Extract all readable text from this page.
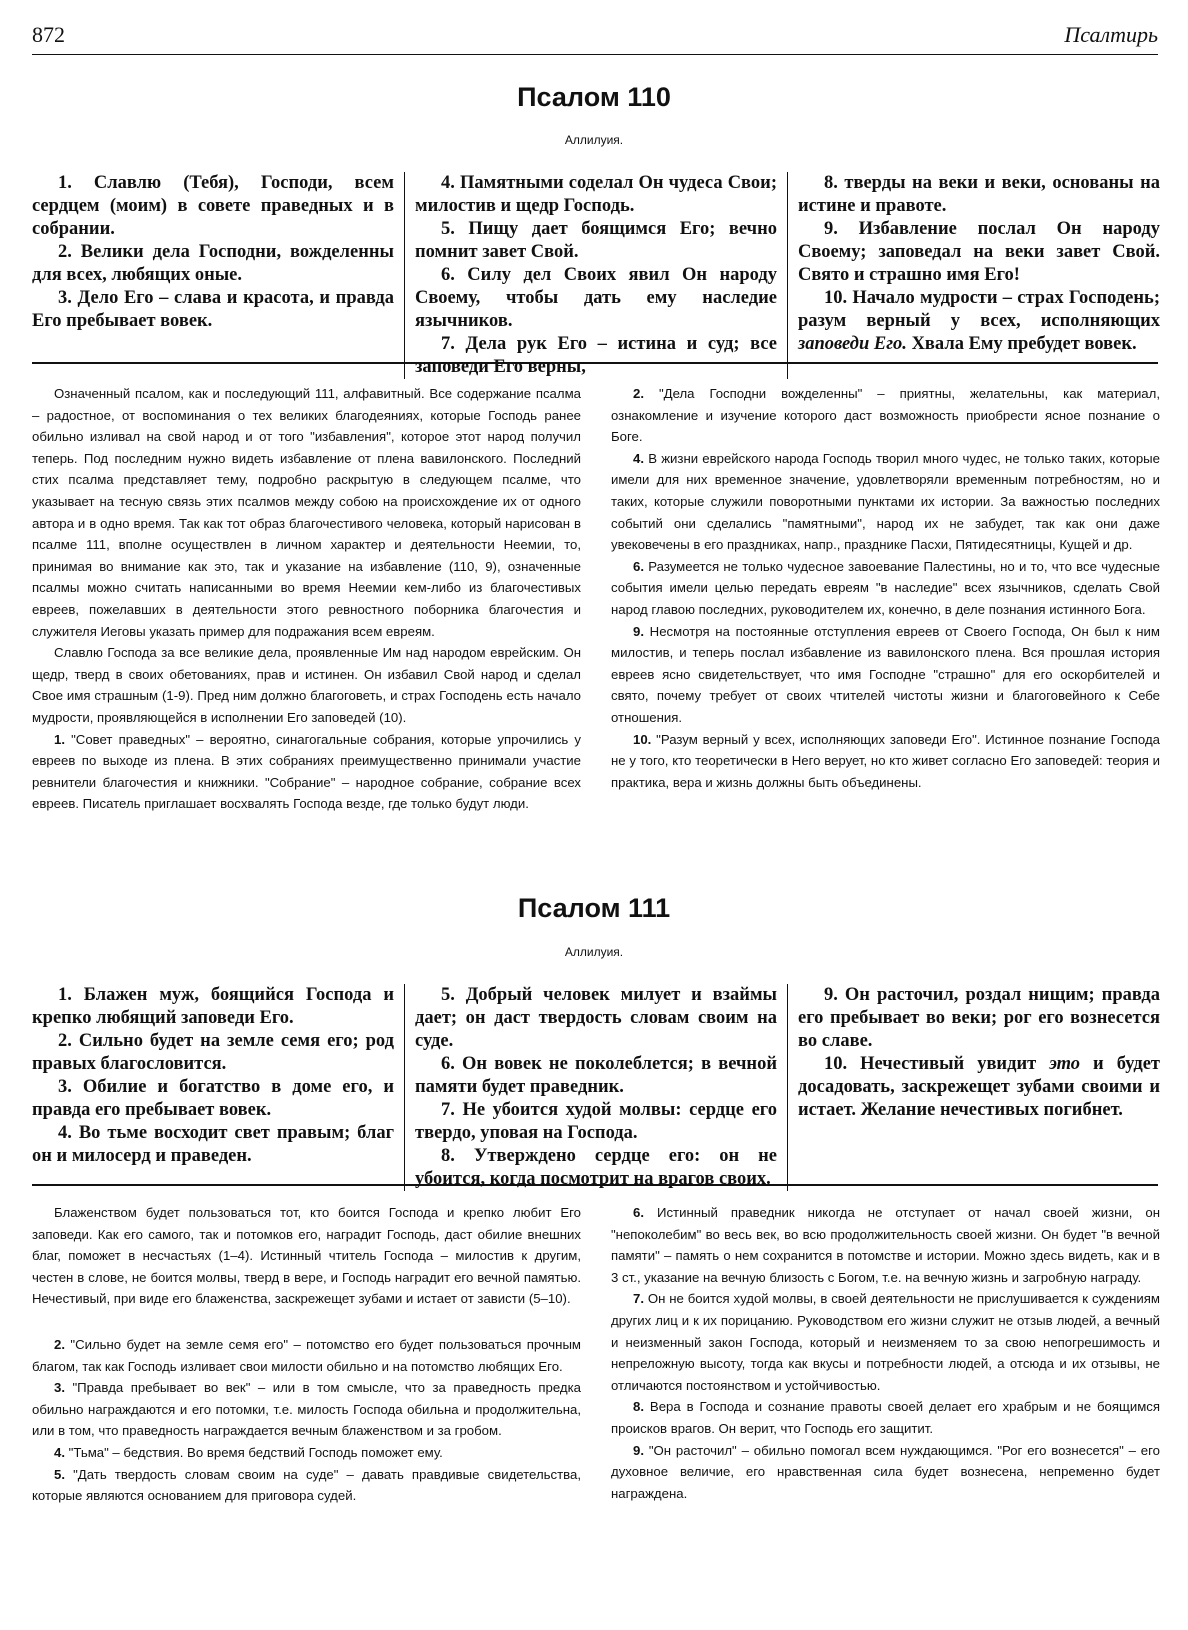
872	Псалтирь
Псалом 110
Аллилуия.

1. Славлю (Тебя), Господи, всем сердцем (моим) в совете праведных и в собрании.

2. Велики дела Господни, вожделенны для всех, любящих оные.

3. Дело Его – слава и красота, и правда Его пребывает вовек.

4. Памятными соделал Он чудеса Свои; милостив и щедр Господь.

5. Пищу дает боящимся Его; вечно помнит завет Свой.

6. Силу дел Своих явил Он народу Своему, чтобы дать ему наследие язычников.

7. Дела рук Его – истина и суд; все заповеди Его верны,

8. тверды на веки и веки, основаны на истине и правоте.

9. Избавление послал Он народу Своему; заповедал на веки завет Свой. Свято и страшно имя Его!

10. Начало мудрости – страх Господень; разум верный у всех, исполняющих заповеди Его. Хвала Ему пребудет вовек.

Означенный псалом, как и последующий 111, алфавитный. Все содержание псалма – радостное, от воспоминания о тех великих благодеяниях, которые Господь ранее обильно изливал на свой народ и от того "избавления", которое этот народ получил теперь. Под последним нужно видеть избавление от плена вавилонского. Последний стих псалма представляет тему, подробно раскрытую в следующем псалме, что указывает на тесную связь этих псалмов между собою на происхождение их от одного автора и в одно время. Так как тот образ благочестивого человека, который нарисован в псалме 111, вполне осуществлен в личном характер и деятельности Неемии, то, принимая во внимание как это, так и указание на избавление (110, 9), означенные псалмы можно считать написанными во время Неемии кем-либо из благочестивых евреев, пожелавших в деятельности этого ревностного поборника благочестия и служителя Иеговы указать пример для подражания всем евреям.

Славлю Господа за все великие дела, проявленные Им над народом еврейским. Он щедр, тверд в своих обетованиях, прав и истинен. Он избавил Свой народ и сделал Свое имя страшным (1-9). Пред ним должно благоговеть, и страх Господень есть начало мудрости, проявляющейся в исполнении Его заповедей (10).

1. "Совет праведных" – вероятно, синагогальные собрания, которые упрочились у евреев по выходе из плена. В этих собраниях преимущественно принимали участие ревнители благочестия и книжники. "Собрание" – народное собрание, собрание всех евреев. Писатель приглашает восхвалять Господа везде, где только будут люди.

2. "Дела Господни вожделенны" – приятны, желательны, как материал, ознакомление и изучение которого даст возможность приобрести ясное познание о Боге.

4. В жизни еврейского народа Господь творил много чудес, не только таких, которые имели для них временное значение, удовлетворяли временным потребностям, но и таких, которые служили поворотными пунктами их истории. За важностью последних событий они сделались "памятными", народ их не забудет, так как они даже увековечены в его праздниках, напр., празднике Пасхи, Пятидесятницы, Кущей и др.

6. Разумеется не только чудесное завоевание Палестины, но и то, что все чудесные события имели целью передать евреям "в наследие" всех язычников, сделать Свой народ главою последних, руководителем их, конечно, в деле познания истинного Бога.

9. Несмотря на постоянные отступления евреев от Своего Господа, Он был к ним милостив, и теперь послал избавление из вавилонского плена. Вся прошлая история евреев ясно свидетельствует, что имя Господне "страшно" для его оскорбителей и свято, почему требует от своих чтителей чистоты жизни и благоговейного к Себе отношения.

10. "Разум верный у всех, исполняющих заповеди Его". Истинное познание Господа не у того, кто теоретически в Него верует, но кто живет согласно Его заповедей: теория и практика, вера и жизнь должны быть объединены.

Псалом 111
Аллилуия.

1. Блажен муж, боящийся Господа и крепко любящий заповеди Его.

2. Сильно будет на земле семя его; род правых благословится.

3. Обилие и богатство в доме его, и правда его пребывает вовек.

4. Во тьме восходит свет правым; благ он и милосерд и праведен.

5. Добрый человек милует и взаймы дает; он даст твердость словам своим на суде.

6. Он вовек не поколеблется; в вечной памяти будет праведник.

7. Не убоится худой молвы: сердце его твердо, уповая на Господа.

8. Утверждено сердце его: он не убоится, когда посмотрит на врагов своих.

9. Он расточил, роздал нищим; правда его пребывает во веки; рог его вознесется во славе.

10. Нечестивый увидит это и будет досадовать, заскрежещет зубами своими и истает. Желание нечестивых погибнет.

Блаженством будет пользоваться тот, кто боится Господа и крепко любит Его заповеди. Как его самого, так и потомков его, наградит Господь, даст обилие внешних благ, поможет в несчастьях (1–4). Истинный чтитель Господа – милостив к другим, честен в слове, не боится молвы, тверд в вере, и Господь наградит его вечной памятью. Нечестивый, при виде его блаженства, заскрежещет зубами и истает от зависти (5–10).

2. "Сильно будет на земле семя его" – потомство его будет пользоваться прочным благом, так как Господь изливает свои милости обильно и на потомство любящих Его.

3. "Правда пребывает во век" – или в том смысле, что за праведность предка обильно награждаются и его потомки, т.е. милость Господа обильна и продолжительна, или в том, что праведность награждается вечным блаженством и за гробом.

4. "Тьма" – бедствия. Во время бедствий Господь поможет ему.

5. "Дать твердость словам своим на суде" – давать правдивые свидетельства, которые являются основанием для приговора судей.

6. Истинный праведник никогда не отступает от начал своей жизни, он "непоколебим" во весь век, во всю продолжительность своей жизни. Он будет "в вечной памяти" – память о нем сохранится в потомстве и истории. Можно здесь видеть, как и в 3 ст., указание на вечную близость с Богом, т.е. на вечную жизнь и загробную награду.

7. Он не боится худой молвы, в своей деятельности не прислушивается к суждениям других лиц и к их порицанию. Руководством его жизни служит не отзыв людей, а вечный и неизменный закон Господа, который и неизменяем то за свою непогрешимость и непреложную высоту, тогда как вкусы и потребности людей, а отсюда и их отзывы, не отличаются постоянством и устойчивостью.

8. Вера в Господа и сознание правоты своей делает его храбрым и не боящимся происков врагов. Он верит, что Господь его защитит.

9. "Он расточил" – обильно помогал всем нуждающимся. "Рог его вознесется" – его духовное величие, его нравственная сила будет вознесена, непременно будет награждена.
